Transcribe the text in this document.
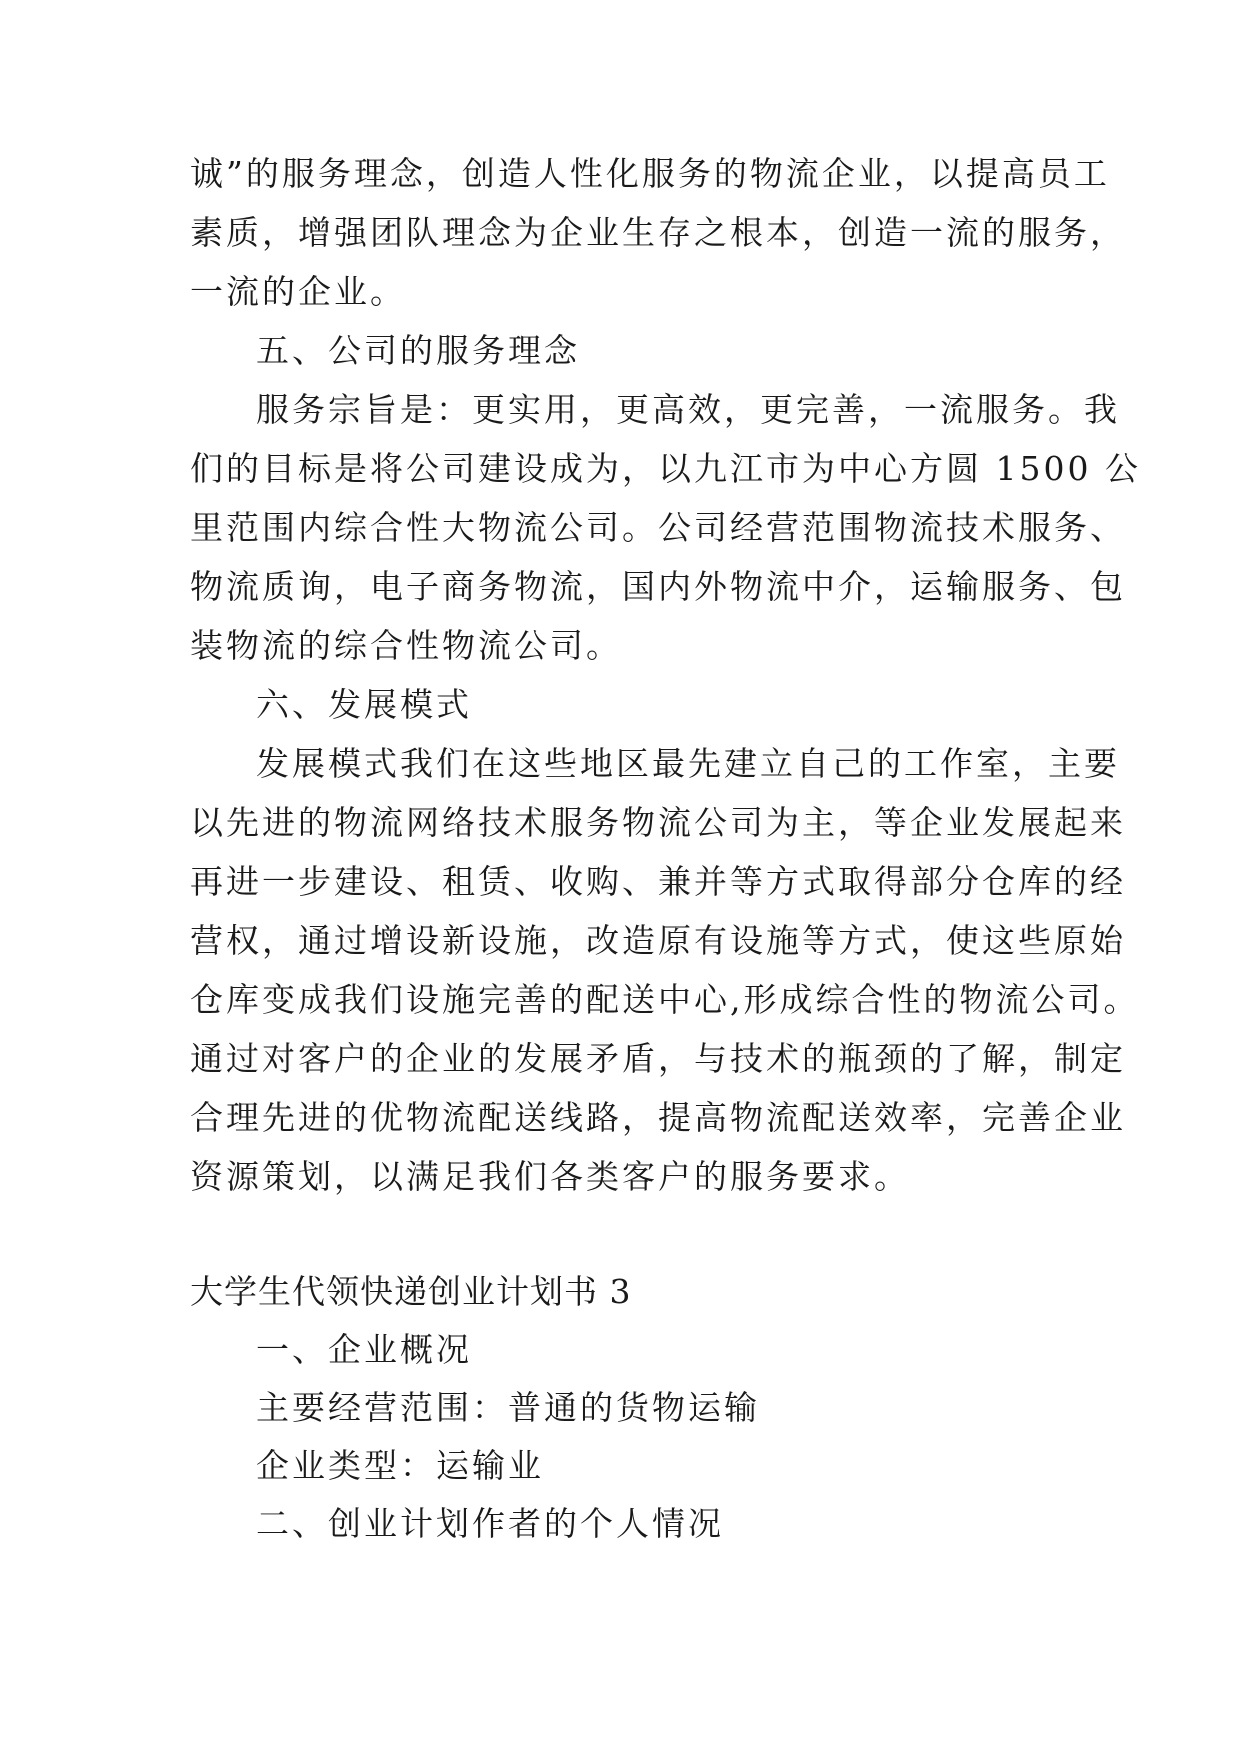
诚”的服务理念，创造人性化服务的物流企业，以提高员工
素质，增强团队理念为企业生存之根本，创造一流的服务，
一流的企业。
五、公司的服务理念
服务宗旨是：更实用，更高效，更完善，一流服务。我
们的目标是将公司建设成为，以九江市为中心方圆 1500 公
里范围内综合性大物流公司。公司经营范围物流技术服务、
物流质询，电子商务物流，国内外物流中介，运输服务、包
装物流的综合性物流公司。
六、发展模式
发展模式我们在这些地区最先建立自己的工作室，主要
以先进的物流网络技术服务物流公司为主，等企业发展起来
再进一步建设、租赁、收购、兼并等方式取得部分仓库的经
营权，通过增设新设施，改造原有设施等方式，使这些原始
仓库变成我们设施完善的配送中心,形成综合性的物流公司。
通过对客户的企业的发展矛盾，与技术的瓶颈的了解，制定
合理先进的优物流配送线路，提高物流配送效率，完善企业
资源策划，以满足我们各类客户的服务要求。
大学生代领快递创业计划书 3
一、企业概况
主要经营范围：普通的货物运输
企业类型：运输业
二、创业计划作者的个人情况
